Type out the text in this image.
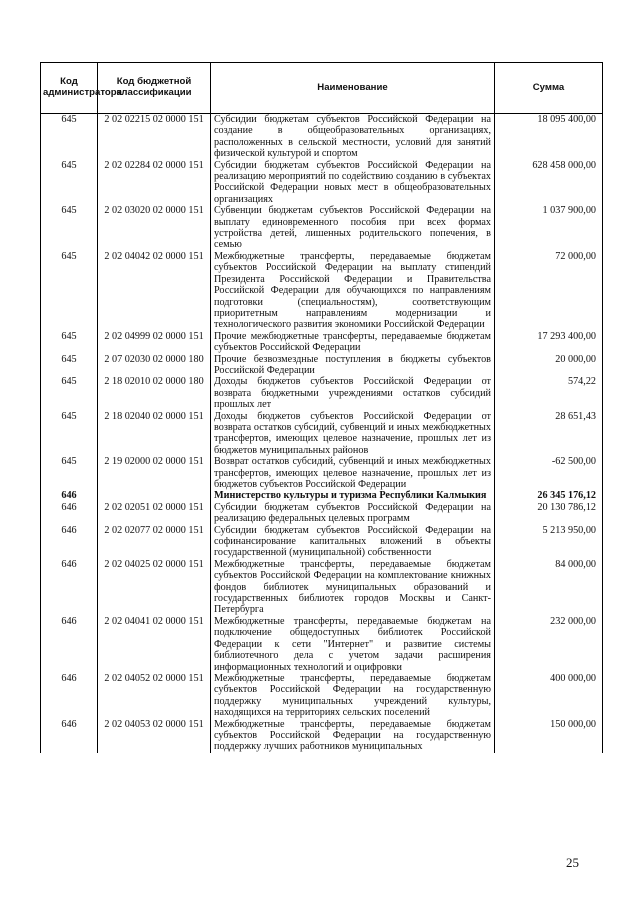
Код администратора	Код бюджетной классификации	Наименование	Сумма
645	2 02 02215 02 0000 151	Субсидии бюджетам субъектов Российской Федерации на создание в общеобразовательных организациях, расположенных в сельской местности, условий для занятий физической культурой и спортом	18 095 400,00
645	2 02 02284 02 0000 151	Субсидии бюджетам субъектов Российской Федерации на реализацию мероприятий по содействию созданию в субъектах Российской Федерации новых мест в общеобразовательных организациях	628 458 000,00
645	2 02 03020 02 0000 151	Субвенции бюджетам субъектов Российской Федерации на выплату единовременного пособия при всех формах устройства детей, лишенных родительского попечения, в семью	1 037 900,00
645	2 02 04042 02 0000 151	Межбюджетные трансферты, передаваемые бюджетам субъектов Российской Федерации на выплату стипендий Президента Российской Федерации и Правительства Российской Федерации для обучающихся по направлениям подготовки (специальностям), соответствующим приоритетным направлениям модернизации и технологического развития экономики Российской Федерации	72 000,00
645	2 02 04999 02 0000 151	Прочие межбюджетные трансферты, передаваемые бюджетам субъектов Российской Федерации	17 293 400,00
645	2 07 02030 02 0000 180	Прочие безвозмездные поступления в бюджеты субъектов Российской Федерации	20 000,00
645	2 18 02010 02 0000 180	Доходы бюджетов субъектов Российской Федерации от возврата бюджетными учреждениями остатков субсидий прошлых лет	574,22
645	2 18 02040 02 0000 151	Доходы бюджетов субъектов Российской Федерации от возврата остатков субсидий, субвенций и иных межбюджетных трансфертов, имеющих целевое назначение, прошлых лет из бюджетов муниципальных районов	28 651,43
645	2 19 02000 02 0000 151	Возврат остатков субсидий, субвенций и иных межбюджетных трансфертов, имеющих целевое назначение, прошлых лет из бюджетов субъектов Российской Федерации	-62 500,00
646		Министерство культуры и туризма Республики Калмыкия	26 345 176,12
646	2 02 02051 02 0000 151	Субсидии бюджетам субъектов Российской Федерации на реализацию федеральных целевых программ	20 130 786,12
646	2 02 02077 02 0000 151	Субсидии бюджетам субъектов Российской Федерации на софинансирование капитальных вложений в объекты государственной (муниципальной) собственности	5 213 950,00
646	2 02 04025 02 0000 151	Межбюджетные трансферты, передаваемые бюджетам субъектов Российской Федерации на комплектование книжных фондов библиотек муниципальных образований и государственных библиотек городов Москвы и Санкт-Петербурга	84 000,00
646	2 02 04041 02 0000 151	Межбюджетные трансферты, передаваемые бюджетам на подключение общедоступных библиотек Российской Федерации к сети "Интернет" и развитие системы библиотечного дела с учетом задачи расширения информационных технологий и оцифровки	232 000,00
646	2 02 04052 02 0000 151	Межбюджетные трансферты, передаваемые бюджетам субъектов Российской Федерации на государственную поддержку муниципальных учреждений культуры, находящихся на территориях сельских поселений	400 000,00
646	2 02 04053 02 0000 151	Межбюджетные трансферты, передаваемые бюджетам субъектов Российской Федерации на государственную поддержку лучших работников муниципальных	150 000,00
25
